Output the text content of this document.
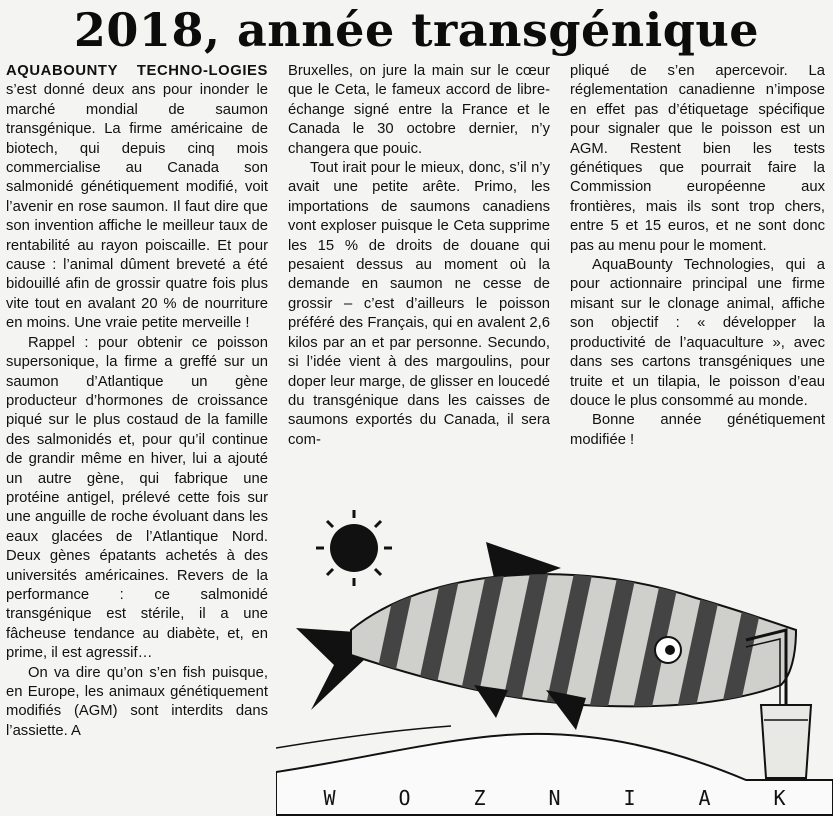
2018, année transgénique

AQUABOUNTY TECHNO-LOGIES s’est donné deux ans pour inonder le marché mondial de saumon transgénique. La firme américaine de biotech, qui depuis cinq mois commercialise au Canada son salmonidé génétiquement modifié, voit l’avenir en rose saumon. Il faut dire que son invention affiche le meilleur taux de rentabilité au rayon poiscaille. Et pour cause : l’animal dûment breveté a été bidouillé afin de grossir quatre fois plus vite tout en avalant 20 % de nourriture en moins. Une vraie petite merveille !

Rappel : pour obtenir ce poisson supersonique, la firme a greffé sur un saumon d’Atlantique un gène producteur d’hormones de croissance piqué sur le plus costaud de la famille des salmonidés et, pour qu’il continue de grandir même en hiver, lui a ajouté un autre gène, qui fabrique une protéine antigel, prélevé cette fois sur une anguille de roche évoluant dans les eaux glacées de l’Atlantique Nord. Deux gènes épatants achetés à des universités américaines. Revers de la performance : ce salmonidé transgénique est stérile, il a une fâcheuse tendance au diabète, et, en prime, il est agressif…

On va dire qu’on s’en fish puisque, en Europe, les animaux génétiquement modifiés (AGM) sont interdits dans l’assiette. A

Bruxelles, on jure la main sur le cœur que le Ceta, le fameux accord de libre-échange signé entre la France et le Canada le 30 octobre dernier, n’y changera que pouic.

Tout irait pour le mieux, donc, s’il n’y avait une petite arête. Primo, les importations de saumons canadiens vont exploser puisque le Ceta supprime les 15 % de droits de douane qui pesaient dessus au moment où la demande en saumon ne cesse de grossir – c’est d’ailleurs le poisson préféré des Français, qui en avalent 2,6 kilos par an et par personne. Secundo, si l’idée vient à des margoulins, pour doper leur marge, de glisser en loucedé du transgénique dans les caisses de saumons exportés du Canada, il sera com-

pliqué de s’en apercevoir. La réglementation canadienne n’impose en effet pas d’étiquetage spécifique pour signaler que le poisson est un AGM. Restent bien les tests génétiques que pourrait faire la Commission européenne aux frontières, mais ils sont trop chers, entre 5 et 15 euros, et ne sont donc pas au menu pour le moment.

AquaBounty Technologies, qui a pour actionnaire principal une firme misant sur le clonage animal, affiche son objectif : « développer la productivité de l’aquaculture », avec dans ses cartons transgéniques une truite et un tilapia, le poisson d’eau douce le plus consommé au monde.

Bonne année génétiquement modifiée !

W	O	Z	N	I	A	K
